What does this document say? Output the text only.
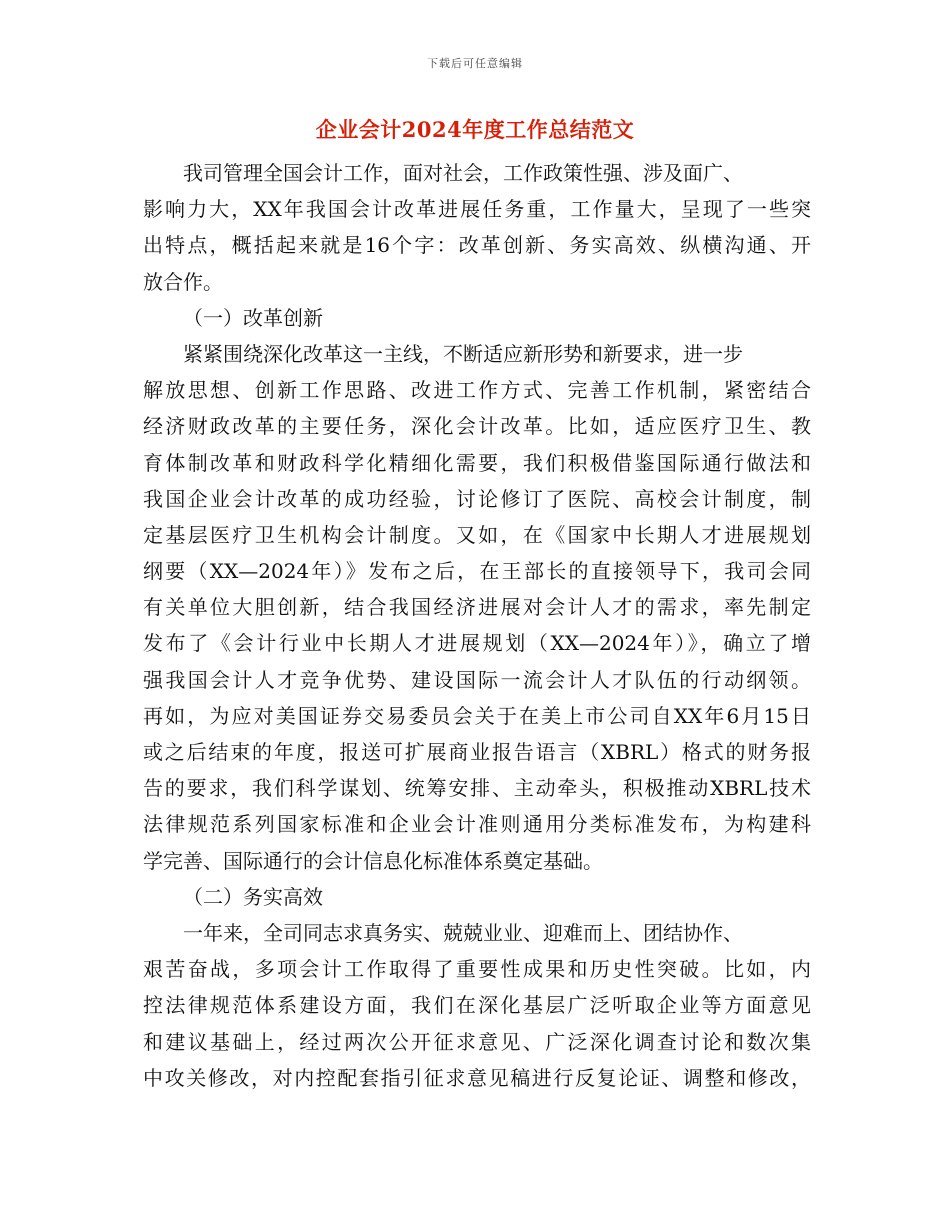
下载后可任意编辑
企业会计2024年度工作总结范文
我司管理全国会计工作，面对社会，工作政策性强、涉及面广、
影响力大，XX年我国会计改革进展任务重，工作量大，呈现了一些突
出特点，概括起来就是16个字：改革创新、务实高效、纵横沟通、开
放合作。
（一）改革创新
紧紧围绕深化改革这一主线，不断适应新形势和新要求，进一步
解放思想、创新工作思路、改进工作方式、完善工作机制，紧密结合
经济财政改革的主要任务，深化会计改革。比如，适应医疗卫生、教
育体制改革和财政科学化精细化需要，我们积极借鉴国际通行做法和
我国企业会计改革的成功经验，讨论修订了医院、高校会计制度，制
定基层医疗卫生机构会计制度。又如，在《国家中长期人才进展规划
纲要（XX—2024年）》发布之后，在王部长的直接领导下，我司会同
有关单位大胆创新，结合我国经济进展对会计人才的需求，率先制定
发布了《会计行业中长期人才进展规划（XX—2024年）》，确立了增
强我国会计人才竞争优势、建设国际一流会计人才队伍的行动纲领。
再如，为应对美国证券交易委员会关于在美上市公司自XX年6月15日
或之后结束的年度，报送可扩展商业报告语言（XBRL）格式的财务报
告的要求，我们科学谋划、统筹安排、主动牵头，积极推动XBRL技术
法律规范系列国家标准和企业会计准则通用分类标准发布，为构建科
学完善、国际通行的会计信息化标准体系奠定基础。
（二）务实高效
一年来，全司同志求真务实、兢兢业业、迎难而上、团结协作、
艰苦奋战，多项会计工作取得了重要性成果和历史性突破。比如，内
控法律规范体系建设方面，我们在深化基层广泛听取企业等方面意见
和建议基础上，经过两次公开征求意见、广泛深化调查讨论和数次集
中攻关修改，对内控配套指引征求意见稿进行反复论证、调整和修改，
